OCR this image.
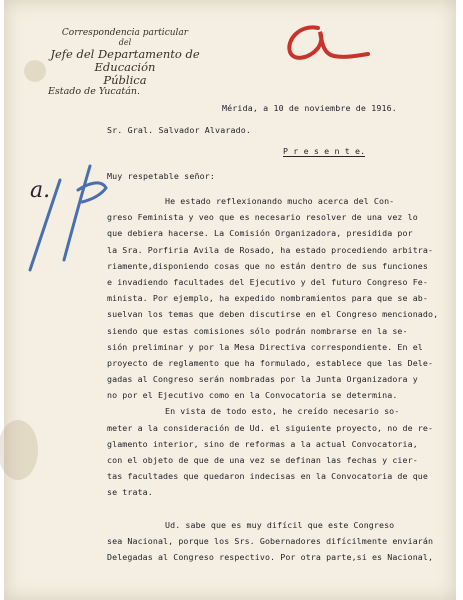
Correspondencia particular
del
Jefe del Departamento de Educación
Pública
Estado de Yucatán.
Mérida, a 10 de noviembre de 1916.
Sr. Gral. Salvador Alvarado.
P r e s e n t e.
Muy respetable señor:
a.	He estado reflexionando mucho acerca del Con-
greso Feminista y veo que es necesario resolver de una vez lo
que debiera hacerse. La Comisión Organizadora, presidida por
la Sra. Porfiria Avila de Rosado, ha estado procediendo arbitra-
riamente,disponiendo cosas que no están dentro de sus funciones
e invadiendo facultades del Ejecutivo y del futuro Congreso Fe-
minista. Por ejemplo, ha expedido nombramientos para que se ab-
suelvan los temas que deben discutirse en el Congreso mencionado,
siendo que estas comisiones sólo podrán nombrarse en la se-
sión preliminar y por la Mesa Directiva correspondiente. En el
proyecto de reglamento que ha formulado, establece que las Dele-
gadas al Congreso serán nombradas por la Junta Organizadora y
no por el Ejecutivo como en la Convocatoria se determina.
En vista de todo esto, he creído necesario so-
meter a la consideración de Ud. el siguiente proyecto, no de re-
glamento interior, sino de reformas a la actual Convocatoria,
con el objeto de que de una vez se definan las fechas y cier-
tas facultades que quedaron indecisas en la Convocatoria de que
se trata.
Ud. sabe que es muy difícil que este Congreso
sea Nacional, porque los Srs. Gobernadores difícilmente enviarán
Delegadas al Congreso respectivo. Por otra parte,si es Nacional,
